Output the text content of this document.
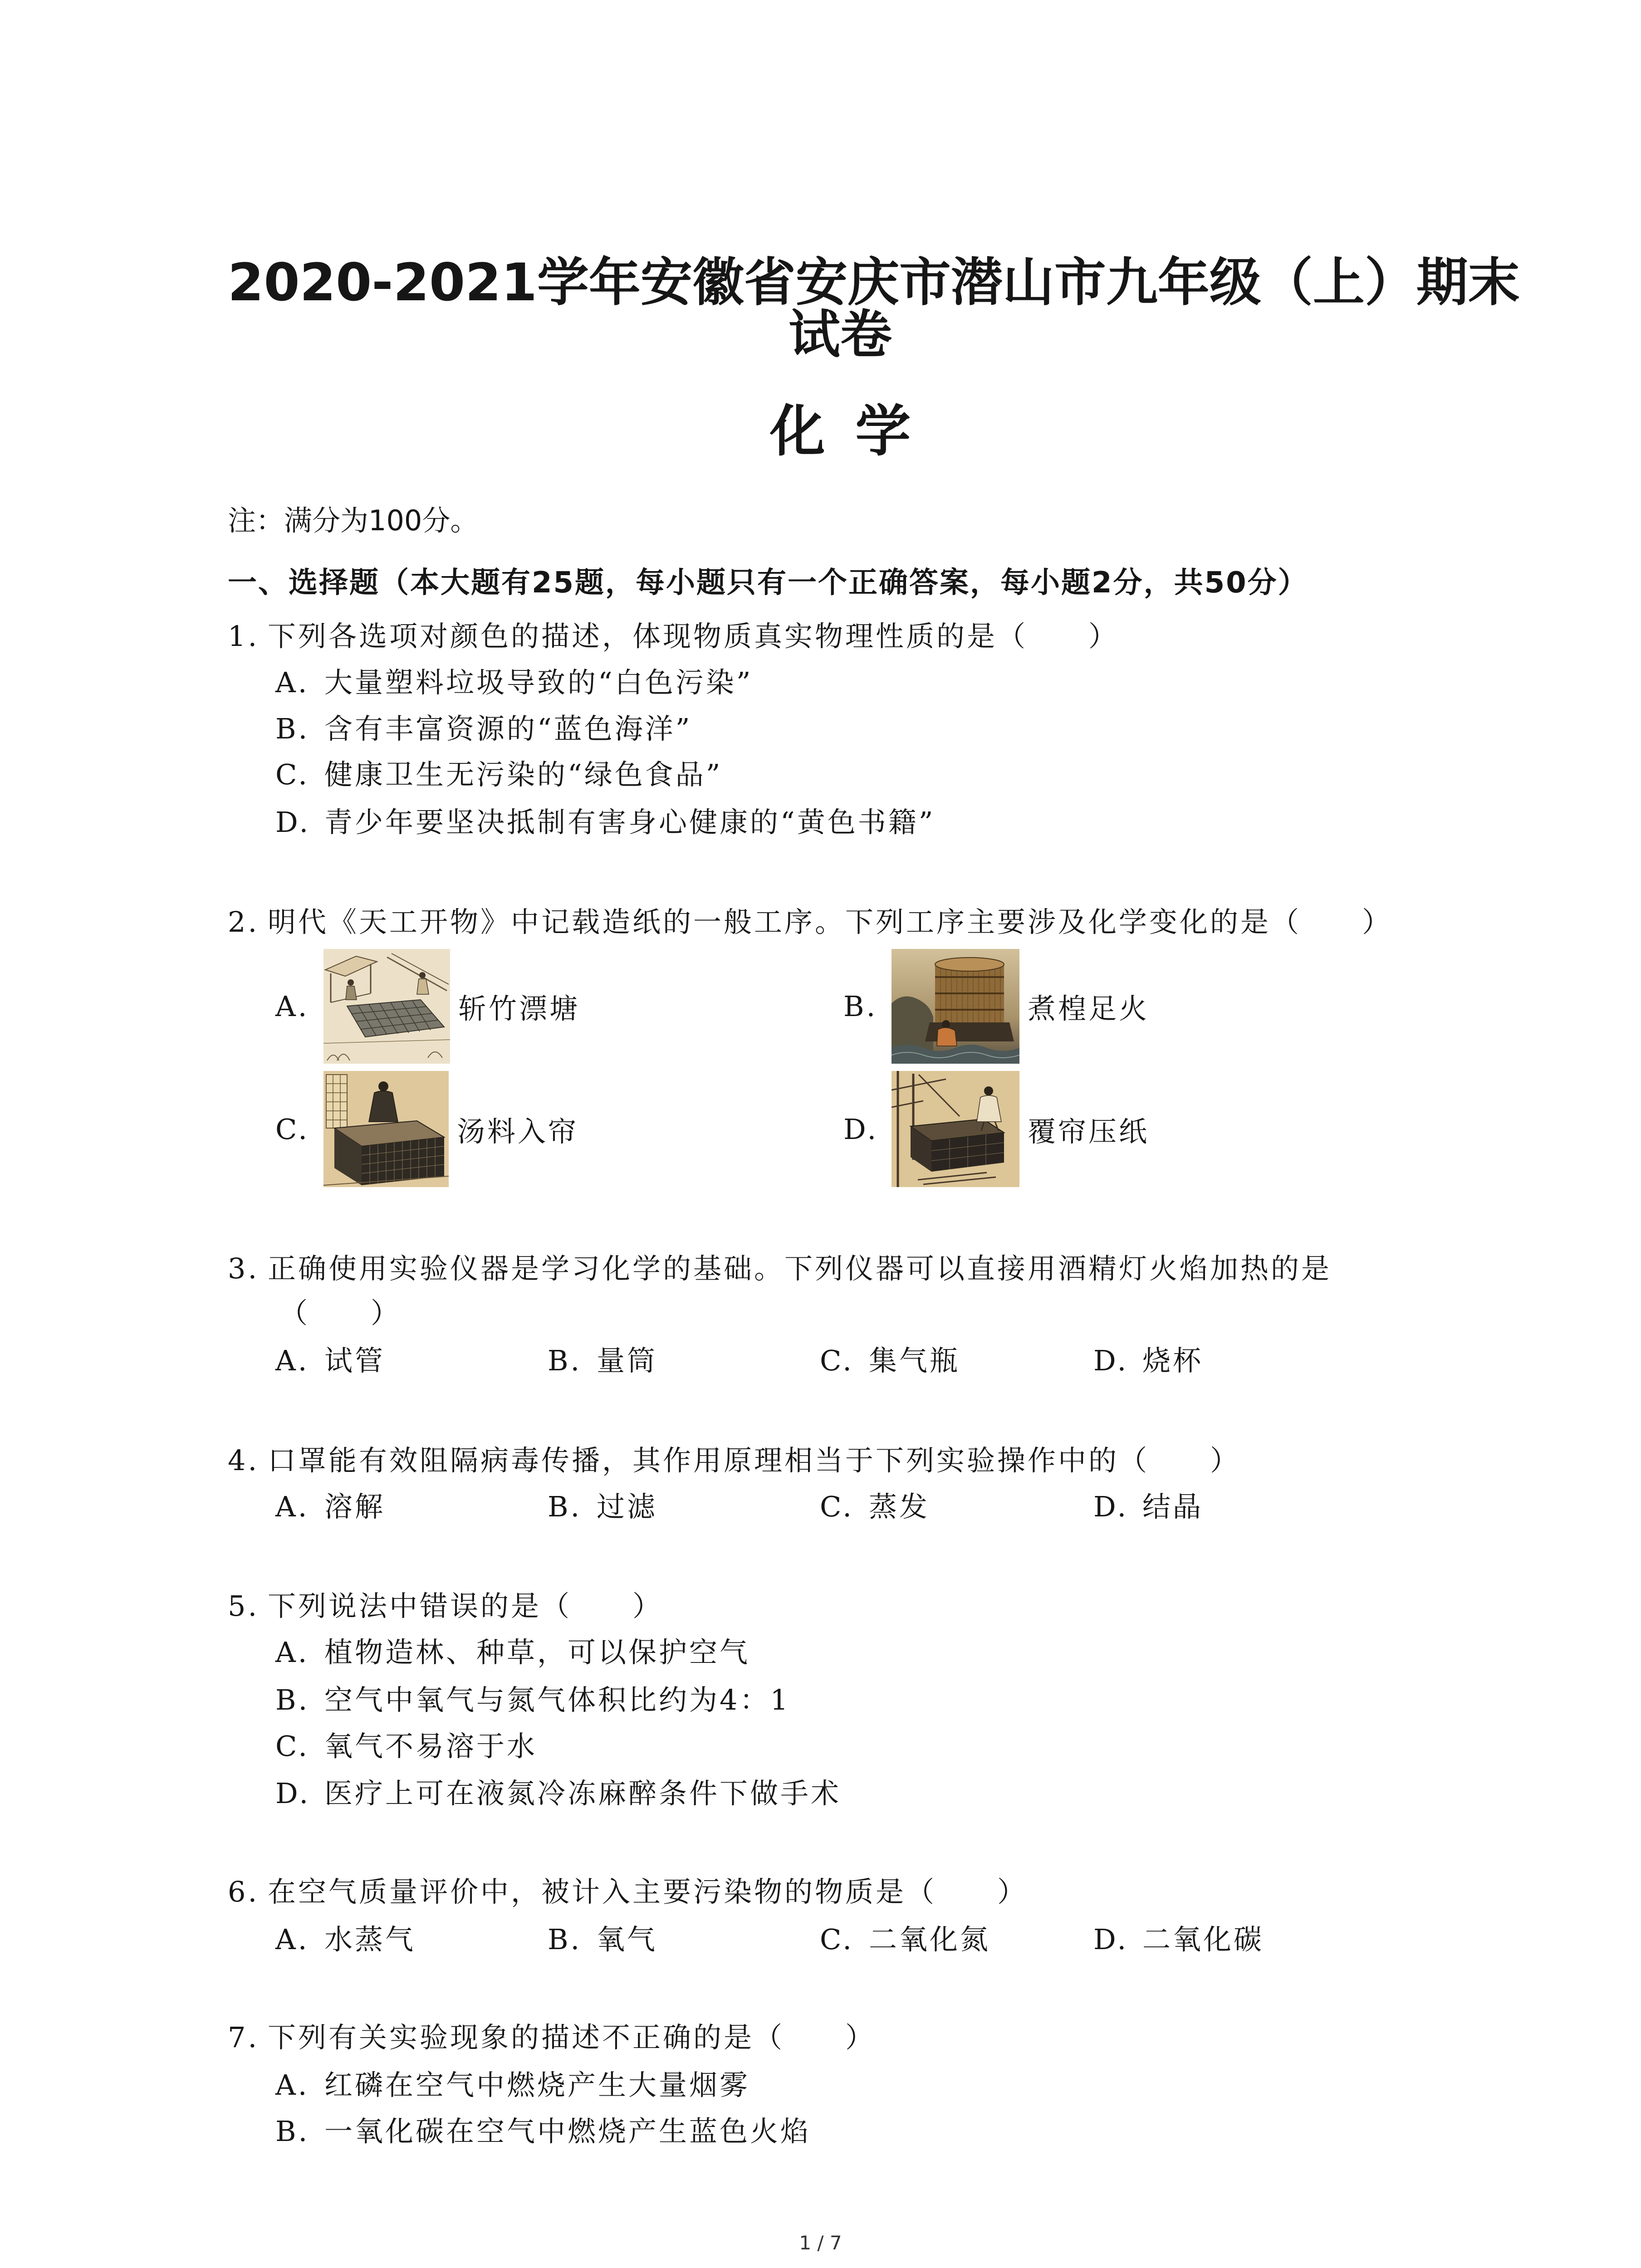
2020-2021学年安徽省安庆市潜山市九年级（上）期末
试卷
化 学
注：满分为100分。
一、选择题（本大题有25题，每小题只有一个正确答案，每小题2分，共50分）
1. 下列各选项对颜色的描述，体现物质真实物理性质的是（　　）
A. 大量塑料垃圾导致的“白色污染”
B. 含有丰富资源的“蓝色海洋”
C. 健康卫生无污染的“绿色食品”
D. 青少年要坚决抵制有害身心健康的“黄色书籍”
2. 明代《天工开物》中记载造纸的一般工序。下列工序主要涉及化学变化的是（　　）
A.	斩竹漂塘	B.	煮楻足火
C.	汤料入帘	D.	覆帘压纸
3. 正确使用实验仪器是学习化学的基础。下列仪器可以直接用酒精灯火焰加热的是
（　　）
A. 试管	B. 量筒	C. 集气瓶	D. 烧杯
4. 口罩能有效阻隔病毒传播，其作用原理相当于下列实验操作中的（　　）
A. 溶解	B. 过滤	C. 蒸发	D. 结晶
5. 下列说法中错误的是（　　）
A. 植物造林、种草，可以保护空气
B. 空气中氧气与氮气体积比约为4：1
C. 氧气不易溶于水
D. 医疗上可在液氮冷冻麻醉条件下做手术
6. 在空气质量评价中，被计入主要污染物的物质是（　　）
A. 水蒸气	B. 氧气	C. 二氧化氮	D. 二氧化碳
7. 下列有关实验现象的描述不正确的是（　　）
A. 红磷在空气中燃烧产生大量烟雾
B. 一氧化碳在空气中燃烧产生蓝色火焰
1 / 7
